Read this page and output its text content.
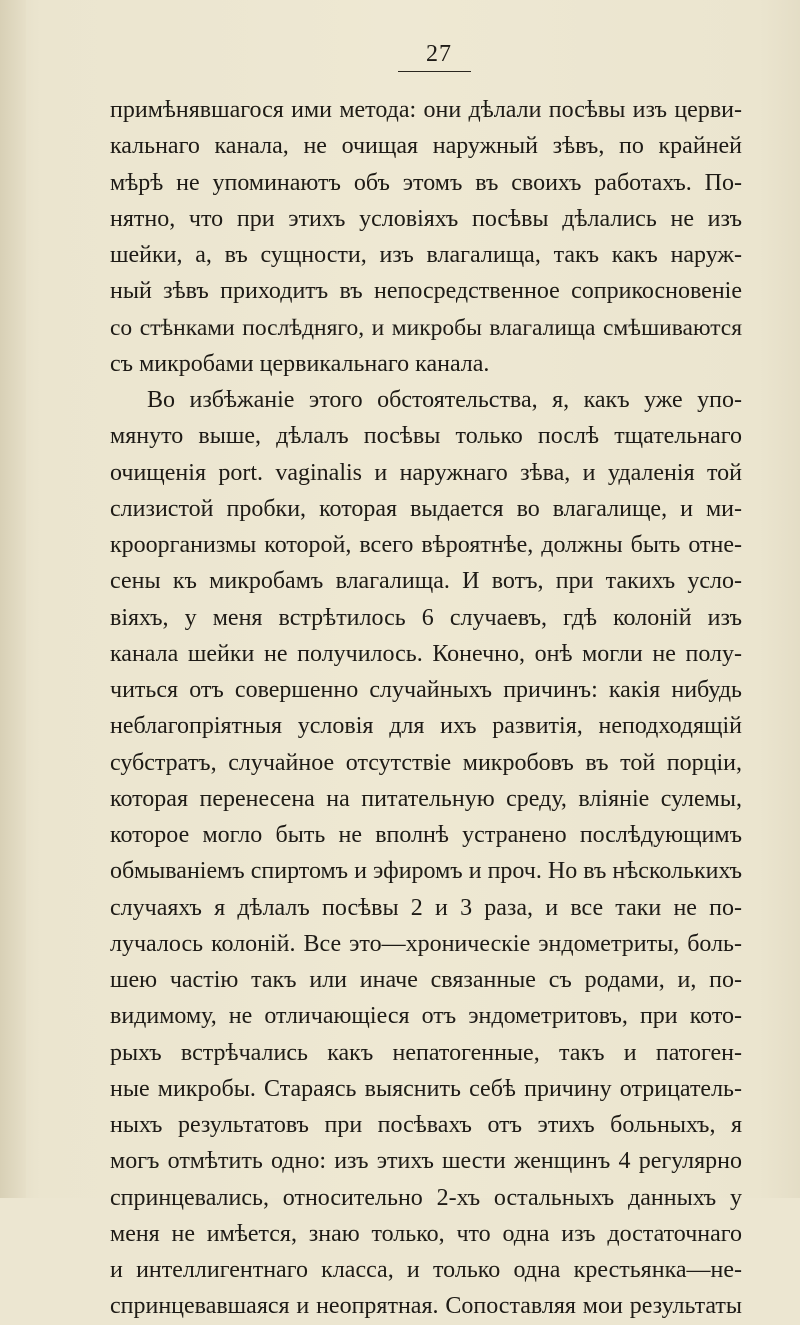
27
примѣнявшагося ими метода: они дѣлали посѣвы изъ церви-
кальнаго канала, не очищая наружный зѣвъ, по крайней
мѣрѣ не упоминаютъ объ этомъ въ своихъ работахъ. По-
нятно, что при этихъ условіяхъ посѣвы дѣлались не изъ
шейки, а, въ сущности, изъ влагалища, такъ какъ наруж-
ный зѣвъ приходитъ въ непосредственное соприкосновеніе
со стѣнками послѣдняго, и микробы влагалища смѣшиваются
съ микробами цервикальнаго канала.
Во избѣжаніе этого обстоятельства, я, какъ уже упо-
мянуто выше, дѣлалъ посѣвы только послѣ тщательнаго
очищенія port. vaginalis и наружнаго зѣва, и удаленія той
слизистой пробки, которая выдается во влагалище, и ми-
кроорганизмы которой, всего вѣроятнѣе, должны быть отне-
сены къ микробамъ влагалища. И вотъ, при такихъ усло-
віяхъ, у меня встрѣтилось 6 случаевъ, гдѣ колоній изъ
канала шейки не получилось. Конечно, онѣ могли не полу-
читься отъ совершенно случайныхъ причинъ: какія нибудь
неблагопріятныя условія для ихъ развитія, неподходящій
субстратъ, случайное отсутствіе микробовъ въ той порціи,
которая перенесена на питательную среду, вліяніе сулемы,
которое могло быть не вполнѣ устранено послѣдующимъ
обмываніемъ спиртомъ и эфиромъ и проч. Но въ нѣсколькихъ
случаяхъ я дѣлалъ посѣвы 2 и 3 раза, и все таки не по-
лучалось колоній. Все это—хроническіе эндометриты, боль-
шею частію такъ или иначе связанные съ родами, и, по-
видимому, не отличающіеся отъ эндометритовъ, при кото-
рыхъ встрѣчались какъ непатогенные, такъ и патоген-
ные микробы. Стараясь выяснить себѣ причину отрицатель-
ныхъ результатовъ при посѣвахъ отъ этихъ больныхъ, я
могъ отмѣтить одно: изъ этихъ шести женщинъ 4 регулярно
спринцевались, относительно 2-хъ остальныхъ данныхъ у
меня не имѣется, знаю только, что одна изъ достаточнаго
и интеллигентнаго класса, и только одна крестьянка—не-
спринцевавшаяся и неопрятная. Сопоставляя мои результаты
